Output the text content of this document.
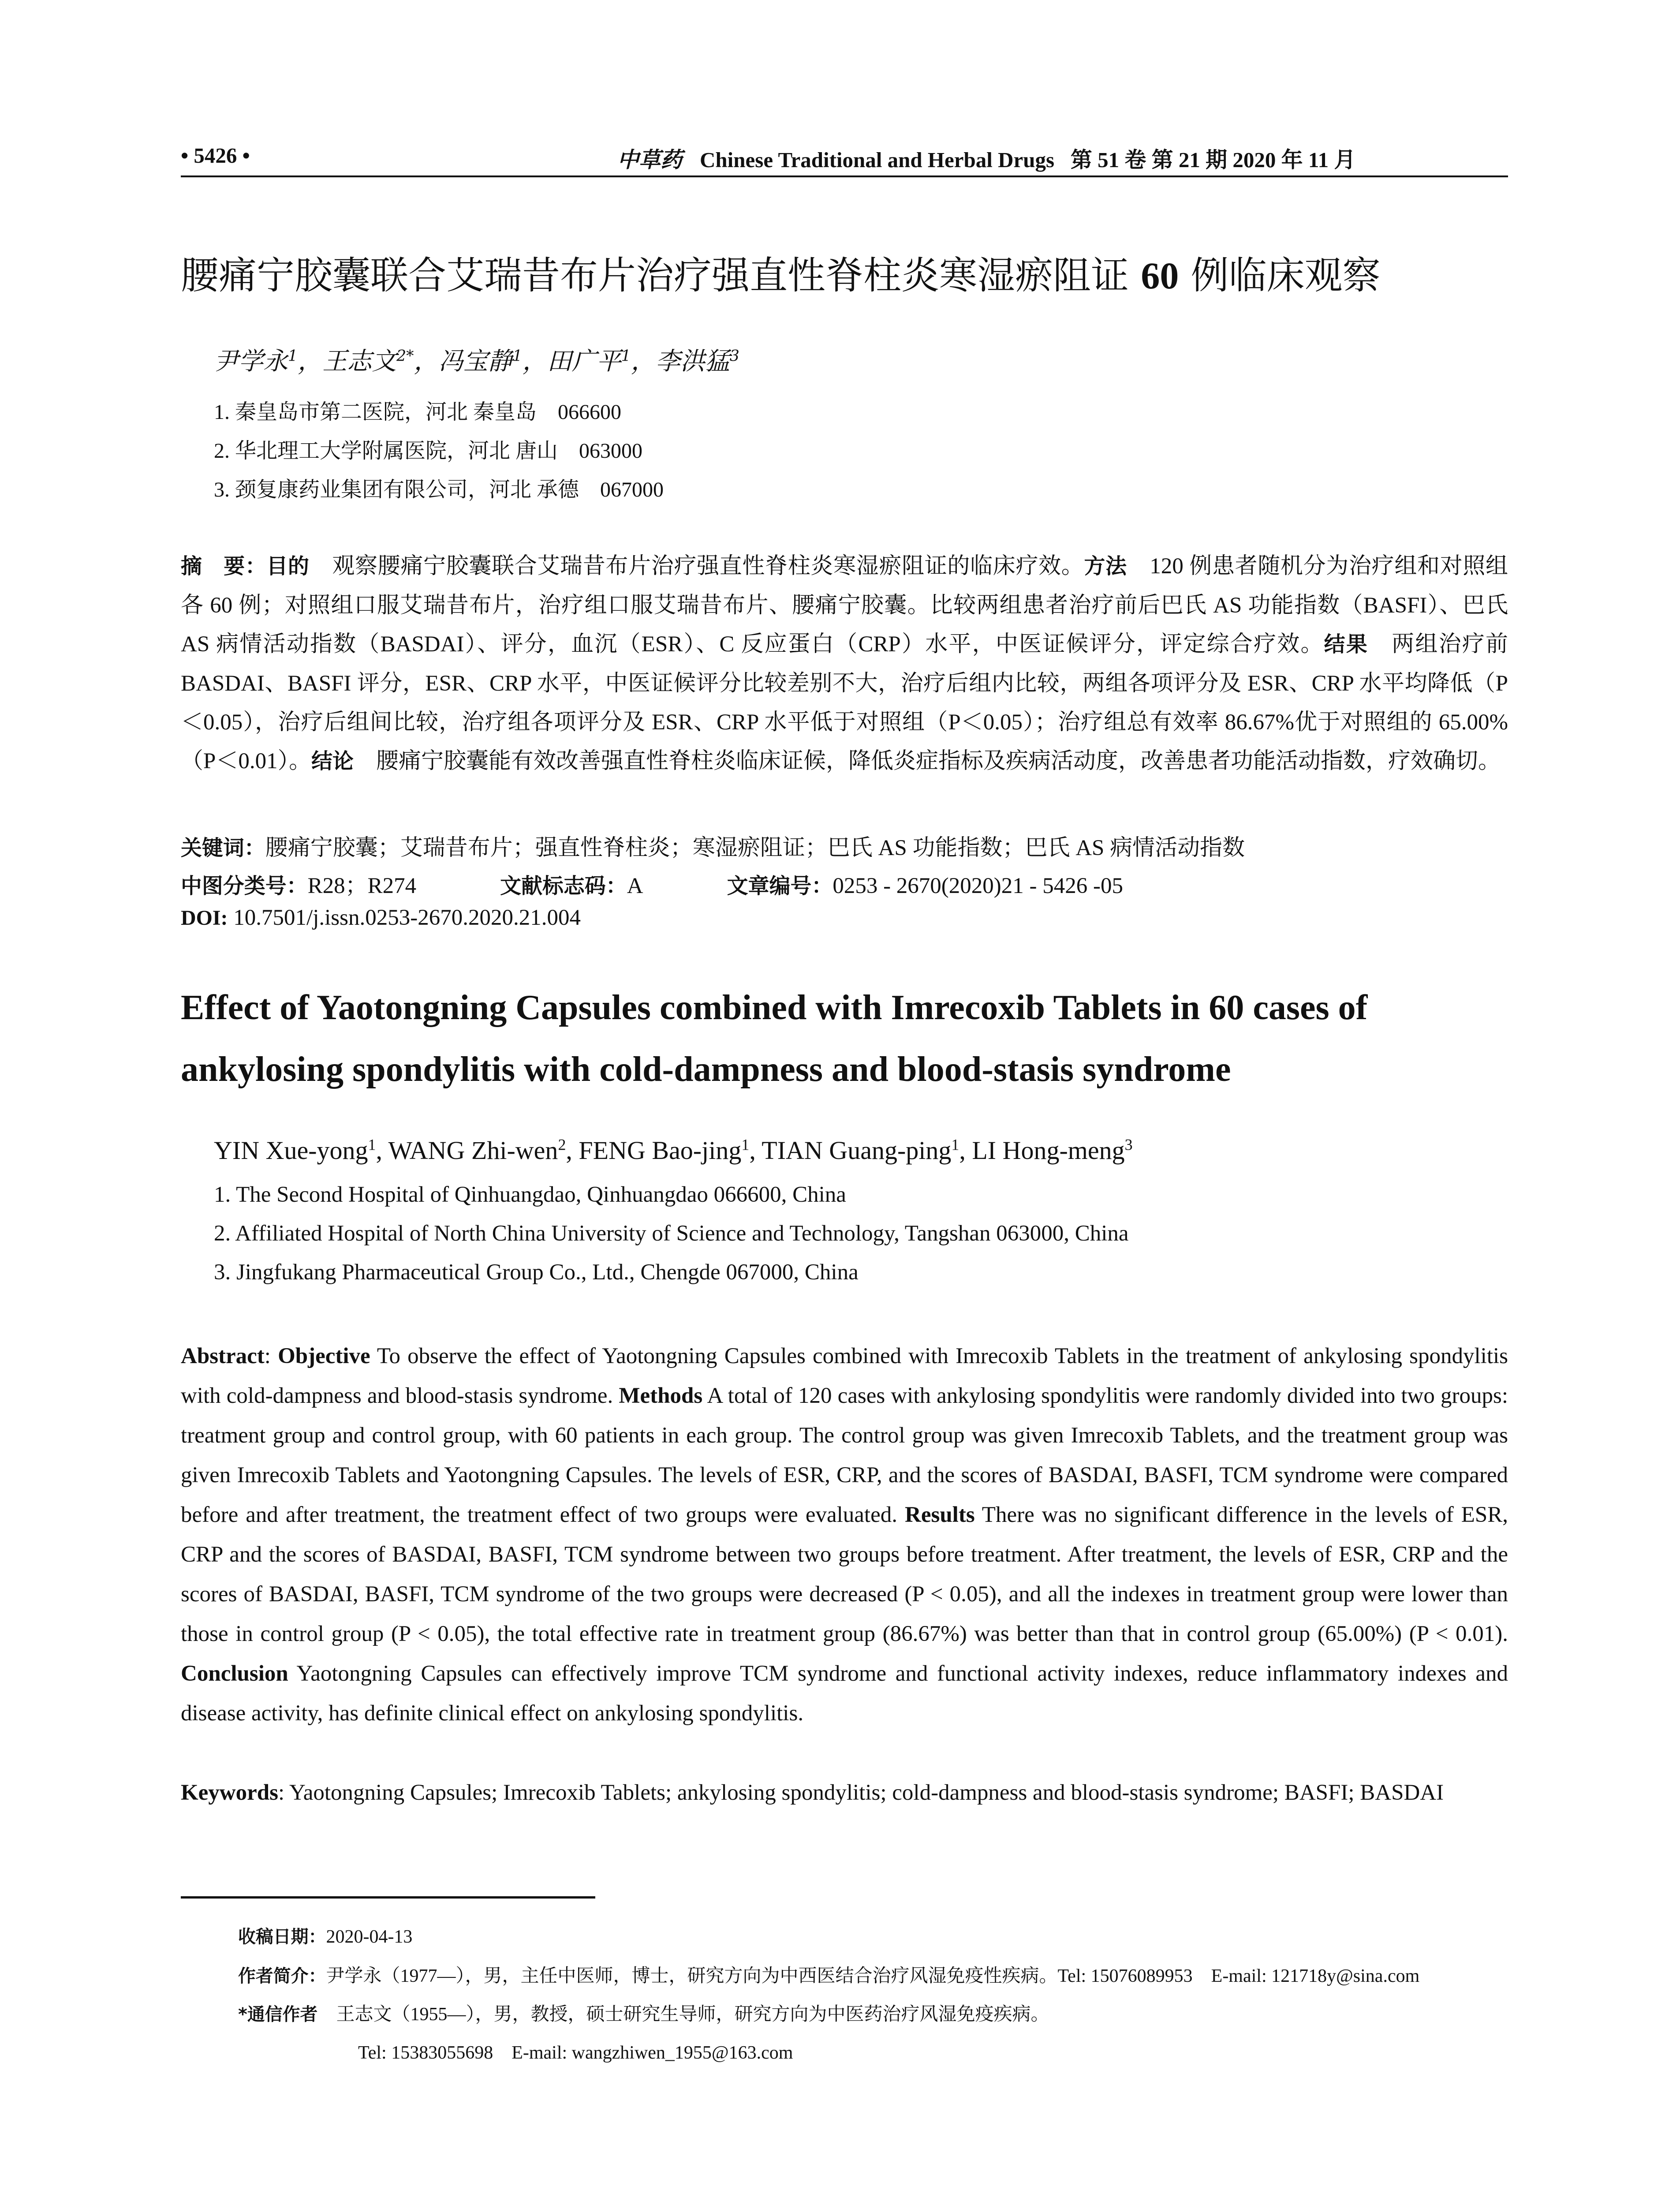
• 5426 •	中草药 Chinese Traditional and Herbal Drugs 第 51 卷 第 21 期 2020 年 11 月
腰痛宁胶囊联合艾瑞昔布片治疗强直性脊柱炎寒湿瘀阻证 60 例临床观察
尹学永$^1$，王志文$^{2*}$，冯宝静$^1$，田广平$^1$，李洪猛$^3$
1. 秦皇岛市第二医院，河北 秦皇岛　066600
2. 华北理工大学附属医院，河北 唐山　063000
3. 颈复康药业集团有限公司，河北 承德　067000
摘　要：目的　观察腰痛宁胶囊联合艾瑞昔布片治疗强直性脊柱炎寒湿瘀阻证的临床疗效。方法　120 例患者随机分为治疗组和对照组各 60 例；对照组口服艾瑞昔布片，治疗组口服艾瑞昔布片、腰痛宁胶囊。比较两组患者治疗前后巴氏 AS 功能指数（BASFI）、巴氏 AS 病情活动指数（BASDAI）、评分，血沉（ESR）、C 反应蛋白（CRP）水平，中医证候评分，评定综合疗效。结果　两组治疗前 BASDAI、BASFI 评分，ESR、CRP 水平，中医证候评分比较差别不大，治疗后组内比较，两组各项评分及 ESR、CRP 水平均降低（P＜0.05），治疗后组间比较，治疗组各项评分及 ESR、CRP 水平低于对照组（P＜0.05）；治疗组总有效率 86.67%优于对照组的 65.00%（P＜0.01）。结论　腰痛宁胶囊能有效改善强直性脊柱炎临床证候，降低炎症指标及疾病活动度，改善患者功能活动指数，疗效确切。
关键词：腰痛宁胶囊；艾瑞昔布片；强直性脊柱炎；寒湿瘀阻证；巴氏 AS 功能指数；巴氏 AS 病情活动指数
中图分类号：R28；R274	文献标志码：A	文章编号：0253 - 2670(2020)21 - 5426 -05
DOI: 10.7501/j.issn.0253-2670.2020.21.004
Effect of Yaotongning Capsules combined with Imrecoxib Tablets in 60 cases of ankylosing spondylitis with cold-dampness and blood-stasis syndrome
YIN Xue-yong$^1$, WANG Zhi-wen$^2$, FENG Bao-jing$^1$, TIAN Guang-ping$^1$, LI Hong-meng$^3$
1. The Second Hospital of Qinhuangdao, Qinhuangdao 066600, China
2. Affiliated Hospital of North China University of Science and Technology, Tangshan 063000, China
3. Jingfukang Pharmaceutical Group Co., Ltd., Chengde 067000, China
Abstract: Objective To observe the effect of Yaotongning Capsules combined with Imrecoxib Tablets in the treatment of ankylosing spondylitis with cold-dampness and blood-stasis syndrome. Methods A total of 120 cases with ankylosing spondylitis were randomly divided into two groups: treatment group and control group, with 60 patients in each group. The control group was given Imrecoxib Tablets, and the treatment group was given Imrecoxib Tablets and Yaotongning Capsules. The levels of ESR, CRP, and the scores of BASDAI, BASFI, TCM syndrome were compared before and after treatment, the treatment effect of two groups were evaluated. Results There was no significant difference in the levels of ESR, CRP and the scores of BASDAI, BASFI, TCM syndrome between two groups before treatment. After treatment, the levels of ESR, CRP and the scores of BASDAI, BASFI, TCM syndrome of the two groups were decreased (P < 0.05), and all the indexes in treatment group were lower than those in control group (P < 0.05), the total effective rate in treatment group (86.67%) was better than that in control group (65.00%) (P < 0.01). Conclusion Yaotongning Capsules can effectively improve TCM syndrome and functional activity indexes, reduce inflammatory indexes and disease activity, has definite clinical effect on ankylosing spondylitis.
Keywords: Yaotongning Capsules; Imrecoxib Tablets; ankylosing spondylitis; cold-dampness and blood-stasis syndrome; BASFI; BASDAI
收稿日期：2020-04-13
作者简介：尹学永（1977—），男，主任中医师，博士，研究方向为中西医结合治疗风湿免疫性疾病。Tel: 15076089953　E-mail: 121718y@sina.com
*通信作者　王志文（1955—），男，教授，硕士研究生导师，研究方向为中医药治疗风湿免疫疾病。
Tel: 15383055698　E-mail: wangzhiwen_1955@163.com
